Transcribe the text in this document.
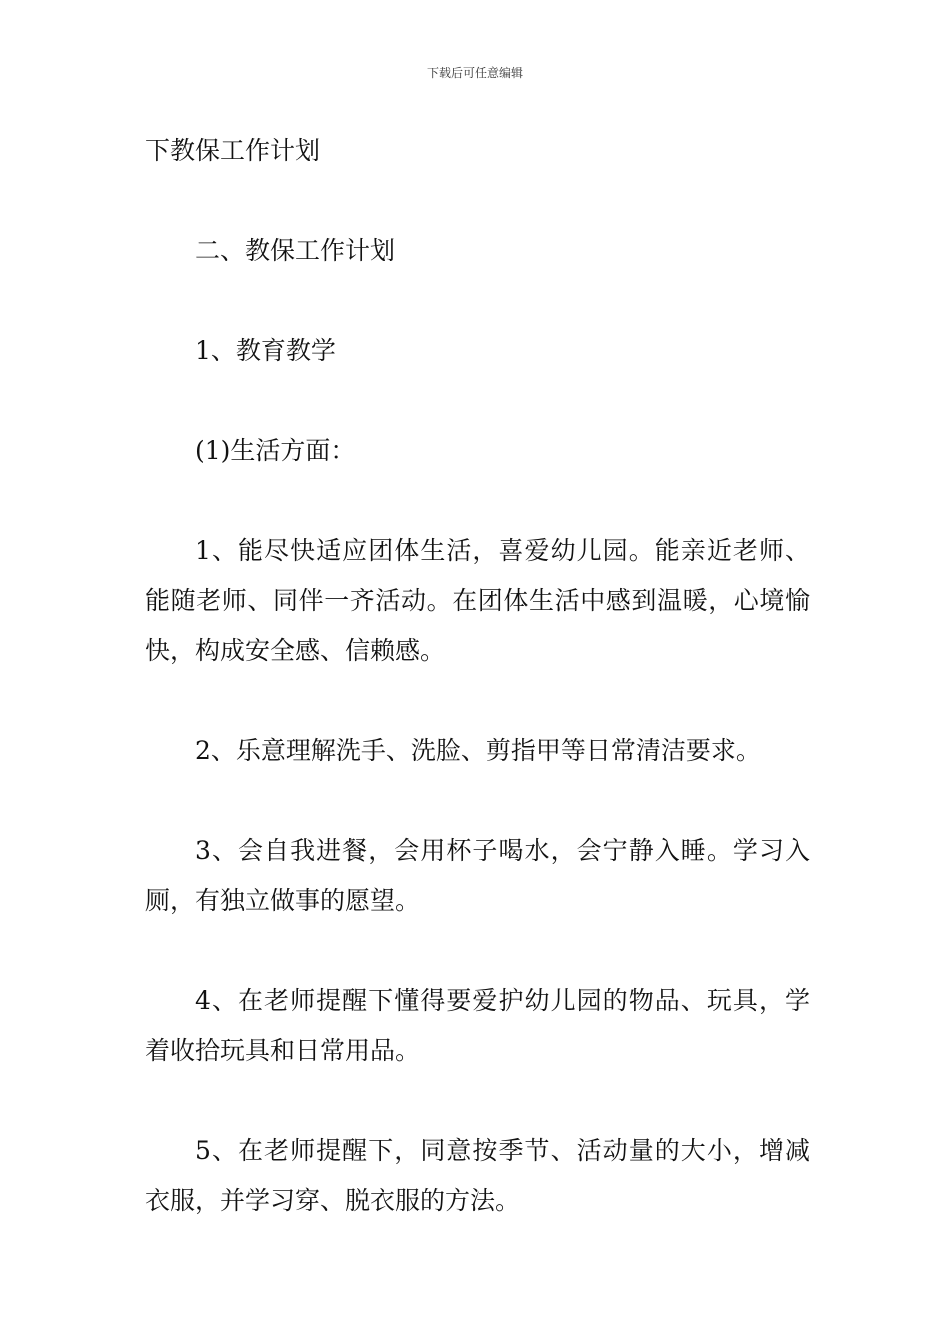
下载后可任意编辑
下教保工作计划

二、教保工作计划

1、教育教学

(1)生活方面：

1、能尽快适应团体生活，喜爱幼儿园。能亲近老师、能随老师、同伴一齐活动。在团体生活中感到温暖，心境愉快，构成安全感、信赖感。

2、乐意理解洗手、洗脸、剪指甲等日常清洁要求。

3、会自我进餐，会用杯子喝水，会宁静入睡。学习入厕，有独立做事的愿望。

4、在老师提醒下懂得要爱护幼儿园的物品、玩具，学着收拾玩具和日常用品。

5、在老师提醒下，同意按季节、活动量的大小，增减衣服，并学习穿、脱衣服的方法。
